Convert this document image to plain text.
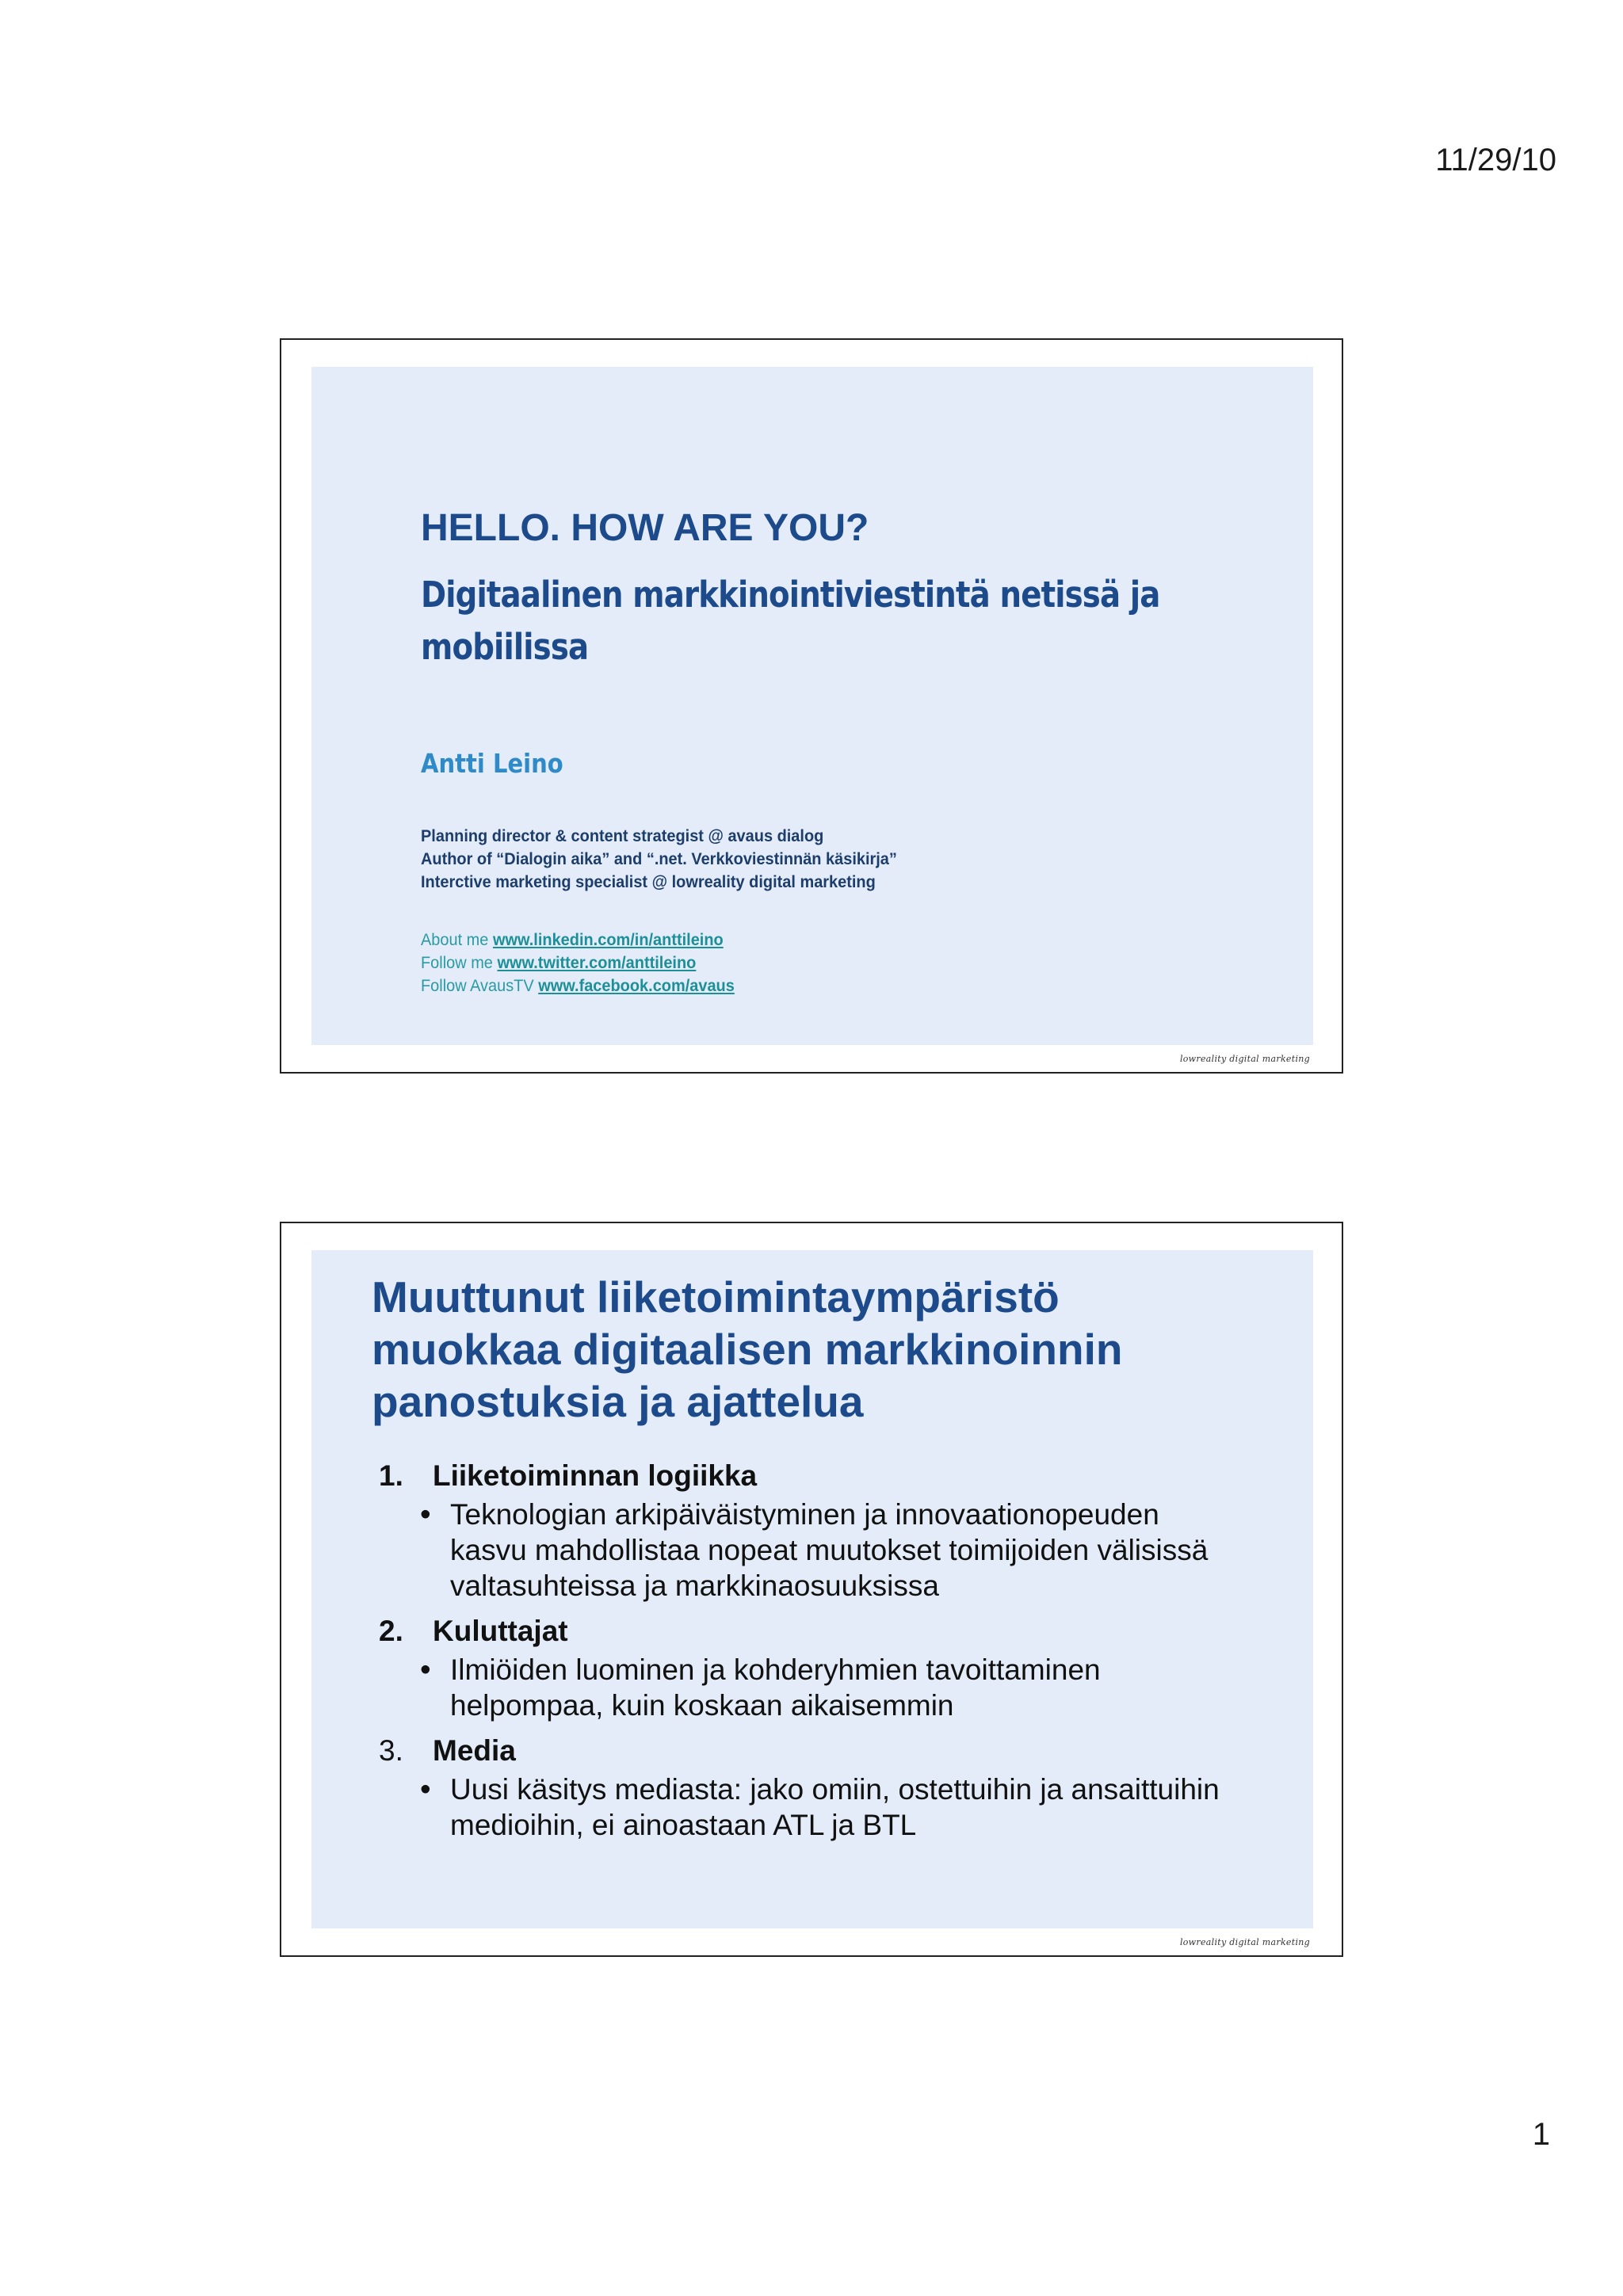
11/29/10
HELLO. HOW ARE YOU?
Digitaalinen markkinointiviestintä netissä ja
mobiilissa
Antti Leino
Planning director & content strategist @ avaus dialog
Author of “Dialogin aika” and “.net. Verkkoviestinnän käsikirja”
Interctive marketing specialist @ lowreality digital marketing
About me www.linkedin.com/in/anttileino
Follow me www.twitter.com/anttileino
Follow AvausTV www.facebook.com/avaus
lowreality digital marketing
Muuttunut liiketoimintaympäristö
muokkaa digitaalisen markkinoinnin
panostuksia ja ajattelua
1.	Liiketoiminnan logiikka
• Teknologian arkipäiväistyminen ja innovaationopeuden
kasvu mahdollistaa nopeat muutokset toimijoiden välisissä
valtasuhteissa ja markkinaosuuksissa
2.	Kuluttajat
• Ilmiöiden luominen ja kohderyhmien tavoittaminen
helpompaa, kuin koskaan aikaisemmin
3.	Media
• Uusi käsitys mediasta: jako omiin, ostettuihin ja ansaittuihin
medioihin, ei ainoastaan ATL ja BTL
lowreality digital marketing
1
